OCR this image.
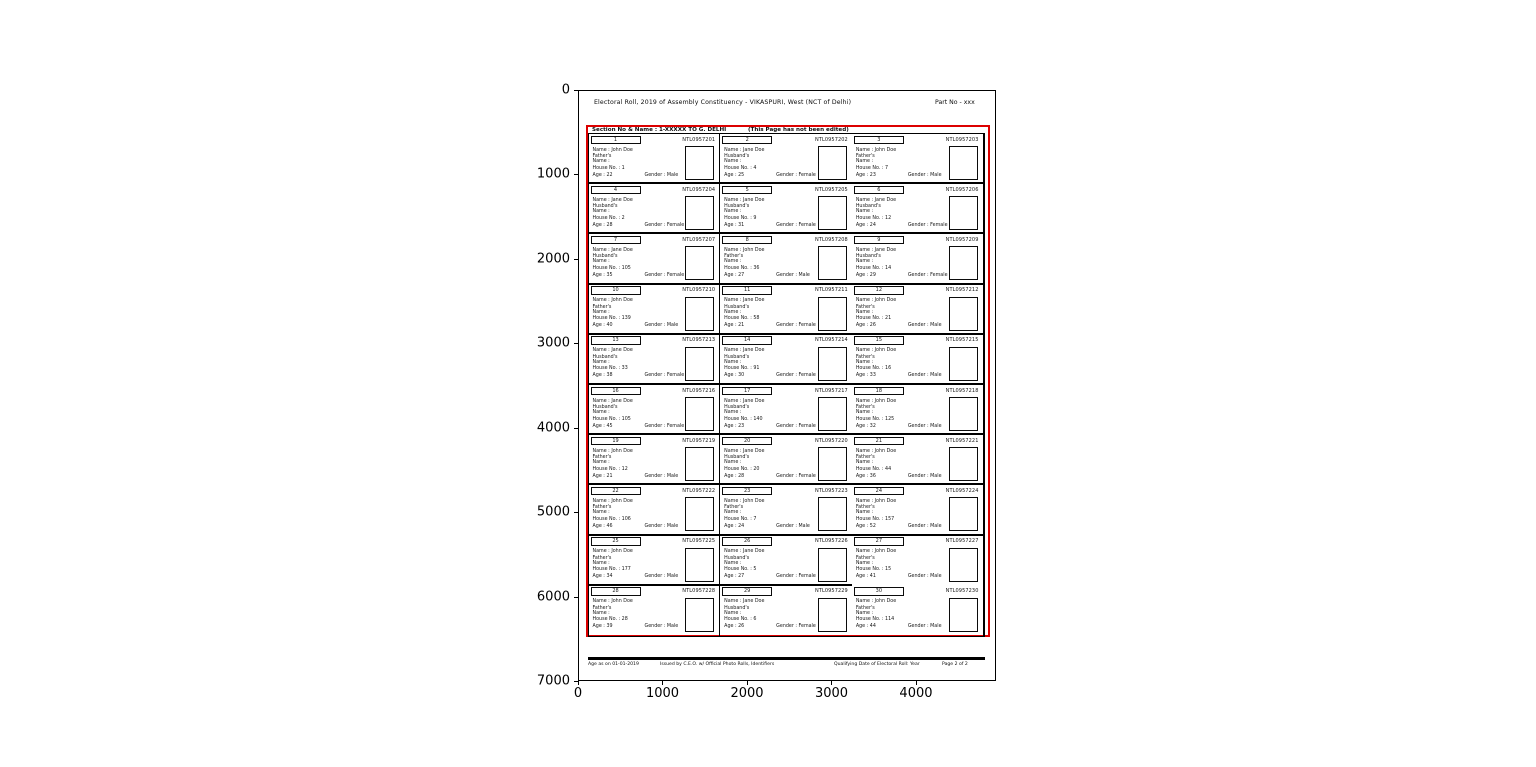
Electoral Roll, 2019 of Assembly Constituency - VIKASPURI, West (NCT of Delhi)	Part No - xxx
Section No & Name : 1-XXXXX TO G. DELHI	(This Page has not been edited)
1	NTL0957201
Name : John Doe
Father's
Name :
House No. : 1
Age : 22	Gender : Male
2	NTL0957202
Name : Jane Doe
Husband's
Name :
House No. : 4
Age : 25	Gender : Female
3	NTL0957203
Name : John Doe
Father's
Name :
House No. : 7
Age : 23	Gender : Male
4	NTL0957204
Name : Jane Doe
Husband's
Name :
House No. : 2
Age : 28	Gender : Female
5	NTL0957205
Name : Jane Doe
Husband's
Name :
House No. : 9
Age : 31	Gender : Female
6	NTL0957206
Name : Jane Doe
Husband's
Name :
House No. : 12
Age : 24	Gender : Female
7	NTL0957207
Name : Jane Doe
Husband's
Name :
House No. : 105
Age : 35	Gender : Female
8	NTL0957208
Name : John Doe
Father's
Name :
House No. : 36
Age : 27	Gender : Male
9	NTL0957209
Name : Jane Doe
Husband's
Name :
House No. : 14
Age : 29	Gender : Female
10	NTL0957210
Name : John Doe
Father's
Name :
House No. : 139
Age : 40	Gender : Male
11	NTL0957211
Name : Jane Doe
Husband's
Name :
House No. : 58
Age : 21	Gender : Female
12	NTL0957212
Name : John Doe
Father's
Name :
House No. : 21
Age : 26	Gender : Male
13	NTL0957213
Name : Jane Doe
Husband's
Name :
House No. : 33
Age : 38	Gender : Female
14	NTL0957214
Name : Jane Doe
Husband's
Name :
House No. : 91
Age : 30	Gender : Female
15	NTL0957215
Name : John Doe
Father's
Name :
House No. : 16
Age : 33	Gender : Male
16	NTL0957216
Name : Jane Doe
Husband's
Name :
House No. : 105
Age : 45	Gender : Female
17	NTL0957217
Name : Jane Doe
Husband's
Name :
House No. : 140
Age : 23	Gender : Female
18	NTL0957218
Name : John Doe
Father's
Name :
House No. : 125
Age : 32	Gender : Male
19	NTL0957219
Name : John Doe
Father's
Name :
House No. : 12
Age : 21	Gender : Male
20	NTL0957220
Name : Jane Doe
Husband's
Name :
House No. : 20
Age : 28	Gender : Female
21	NTL0957221
Name : John Doe
Father's
Name :
House No. : 44
Age : 36	Gender : Male
22	NTL0957222
Name : John Doe
Father's
Name :
House No. : 106
Age : 46	Gender : Male
23	NTL0957223
Name : John Doe
Father's
Name :
House No. : 7
Age : 24	Gender : Male
24	NTL0957224
Name : John Doe
Father's
Name :
House No. : 157
Age : 52	Gender : Male
25	NTL0957225
Name : John Doe
Father's
Name :
House No. : 177
Age : 34	Gender : Male
26	NTL0957226
Name : Jane Doe
Husband's
Name :
House No. : 5
Age : 27	Gender : Female
27	NTL0957227
Name : John Doe
Father's
Name :
House No. : 15
Age : 41	Gender : Male
28	NTL0957228
Name : John Doe
Father's
Name :
House No. : 28
Age : 39	Gender : Male
29	NTL0957229
Name : Jane Doe
Husband's
Name :
House No. : 6
Age : 26	Gender : Female
30	NTL0957230
Name : John Doe
Father's
Name :
House No. : 114
Age : 44	Gender : Male
Age as on 01-01-2019	Issued by C.E.O. w/ Official Photo Rolls, Identifiers	Qualifying Date of Electoral Roll: Year	Page 2 of 2
0
1000
2000
3000
4000
5000
6000
7000
0	1000	2000	3000	4000
